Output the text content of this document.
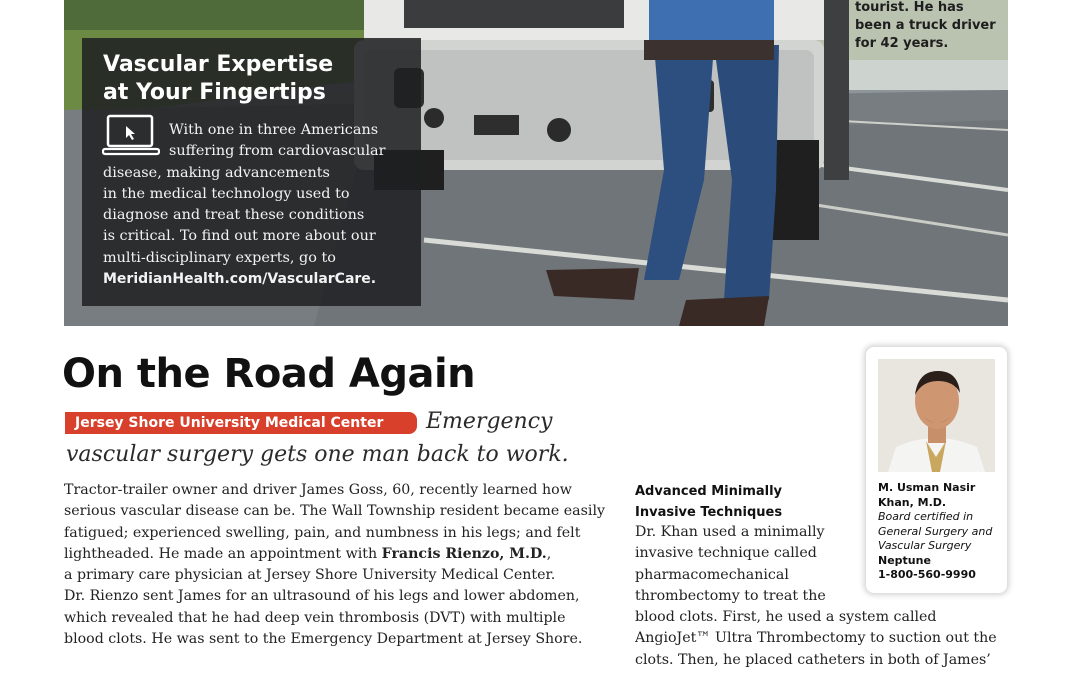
tourist. He has
been a truck driver
for 42 years.
Vascular Expertise
at Your Fingertips
With one in three Americans
suffering from cardiovascular
disease, making advancements
in the medical technology used to
diagnose and treat these conditions
is critical. To find out more about our
multi-disciplinary experts, go to
MeridianHealth.com/VascularCare.
On the Road Again
Jersey Shore University Medical Center	Emergency
vascular surgery gets one man back to work.
Tractor-trailer owner and driver James Goss, 60, recently learned how
serious vascular disease can be. The Wall Township resident became easily
fatigued; experienced swelling, pain, and numbness in his legs; and felt
lightheaded. He made an appointment with Francis Rienzo, M.D.,
a primary care physician at Jersey Shore University Medical Center.
Dr. Rienzo sent James for an ultrasound of his legs and lower abdomen,
which revealed that he had deep vein thrombosis (DVT) with multiple
blood clots. He was sent to the Emergency Department at Jersey Shore.
Advanced Minimally
Invasive Techniques
Dr. Khan used a minimally
invasive technique called
pharmacomechanical
thrombectomy to treat the
blood clots. First, he used a system called
AngioJet™ Ultra Thrombectomy to suction out the
clots. Then, he placed catheters in both of James’
M. Usman Nasir
Khan, M.D.
Board certified in
General Surgery and
Vascular Surgery
Neptune
1-800-560-9990
